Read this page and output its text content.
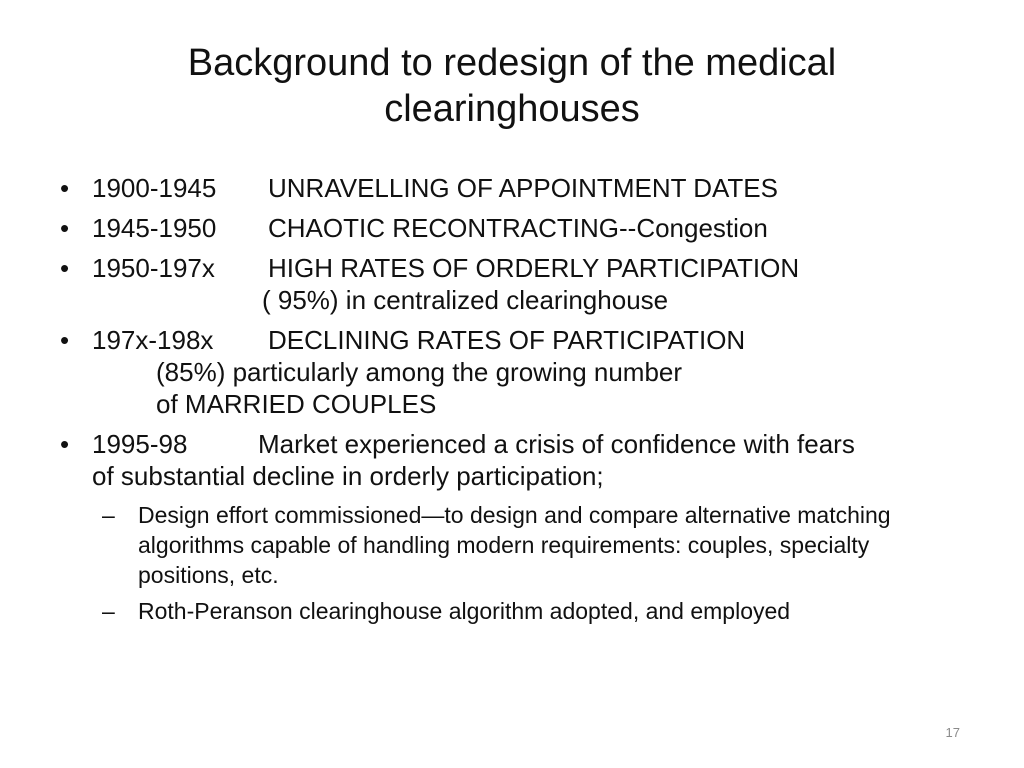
Background to redesign of the medical
clearinghouses
• 1900-1945 UNRAVELLING OF APPOINTMENT DATES
• 1945-1950 CHAOTIC RECONTRACTING--Congestion
• 1950-197x HIGH RATES OF ORDERLY PARTICIPATION
( 95%) in centralized clearinghouse
• 197x-198x DECLINING RATES OF PARTICIPATION
(85%) particularly among the growing number
of MARRIED COUPLES
• 1995-98	Market experienced a crisis of confidence with fears
of substantial decline in orderly participation;
– Design effort commissioned—to design and compare alternative matching algorithms capable of handling modern requirements: couples, specialty positions, etc.
– Roth-Peranson clearinghouse algorithm adopted, and employed
17
